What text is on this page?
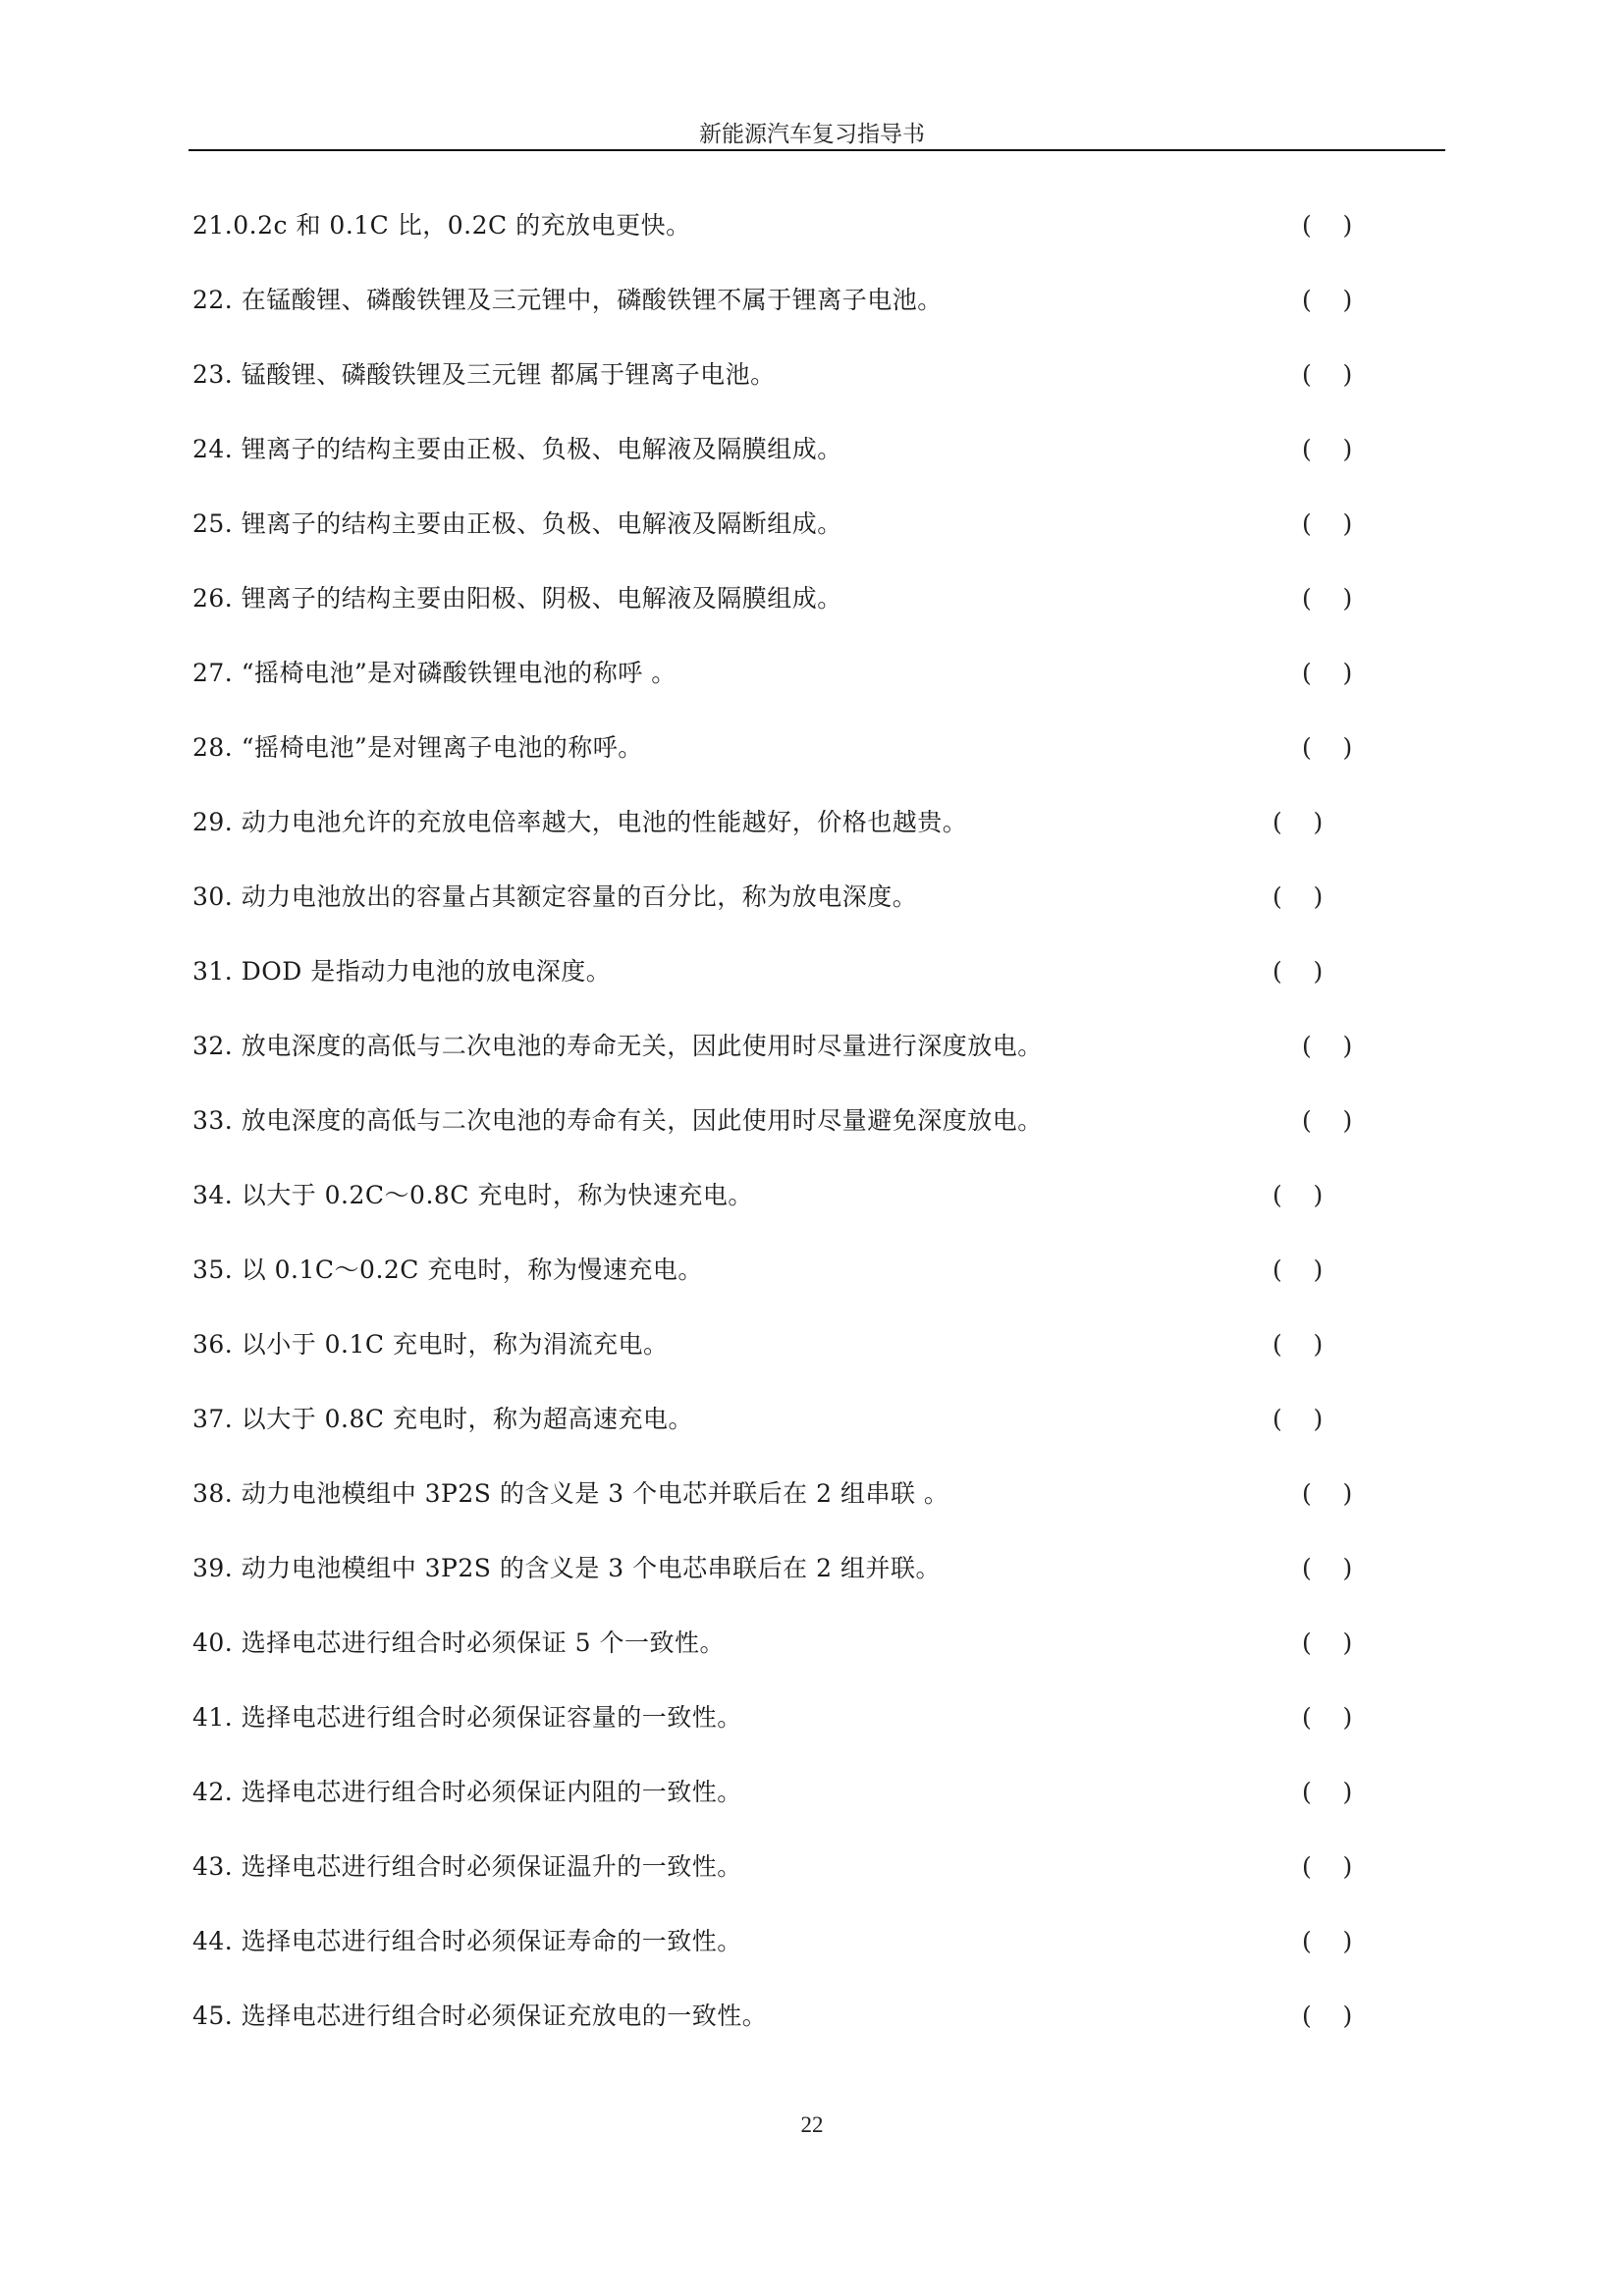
新能源汽车复习指导书
21.0.2c 和 0.1C 比，0.2C 的充放电更快。	(    )
22. 在锰酸锂、磷酸铁锂及三元锂中，磷酸铁锂不属于锂离子电池。	(    )
23. 锰酸锂、磷酸铁锂及三元锂 都属于锂离子电池。	(    )
24. 锂离子的结构主要由正极、负极、电解液及隔膜组成。	(    )
25. 锂离子的结构主要由正极、负极、电解液及隔断组成。	(    )
26. 锂离子的结构主要由阳极、阴极、电解液及隔膜组成。	(    )
27. “摇椅电池”是对磷酸铁锂电池的称呼 。	(    )
28. “摇椅电池”是对锂离子电池的称呼。	(    )
29. 动力电池允许的充放电倍率越大，电池的性能越好，价格也越贵。	(    )
30. 动力电池放出的容量占其额定容量的百分比，称为放电深度。	(    )
31. DOD 是指动力电池的放电深度。	(    )
32. 放电深度的高低与二次电池的寿命无关，因此使用时尽量进行深度放电。	(    )
33. 放电深度的高低与二次电池的寿命有关，因此使用时尽量避免深度放电。	(    )
34. 以大于 0.2C～0.8C 充电时，称为快速充电。	(    )
35. 以 0.1C～0.2C 充电时，称为慢速充电。	(    )
36. 以小于 0.1C 充电时，称为涓流充电。	(    )
37. 以大于 0.8C 充电时，称为超高速充电。	(    )
38. 动力电池模组中 3P2S 的含义是 3 个电芯并联后在 2 组串联 。	(    )
39. 动力电池模组中 3P2S 的含义是 3 个电芯串联后在 2 组并联。	(    )
40. 选择电芯进行组合时必须保证 5 个一致性。	(    )
41. 选择电芯进行组合时必须保证容量的一致性。	(    )
42. 选择电芯进行组合时必须保证内阻的一致性。	(    )
43. 选择电芯进行组合时必须保证温升的一致性。	(    )
44. 选择电芯进行组合时必须保证寿命的一致性。	(    )
45. 选择电芯进行组合时必须保证充放电的一致性。	(    )
22
